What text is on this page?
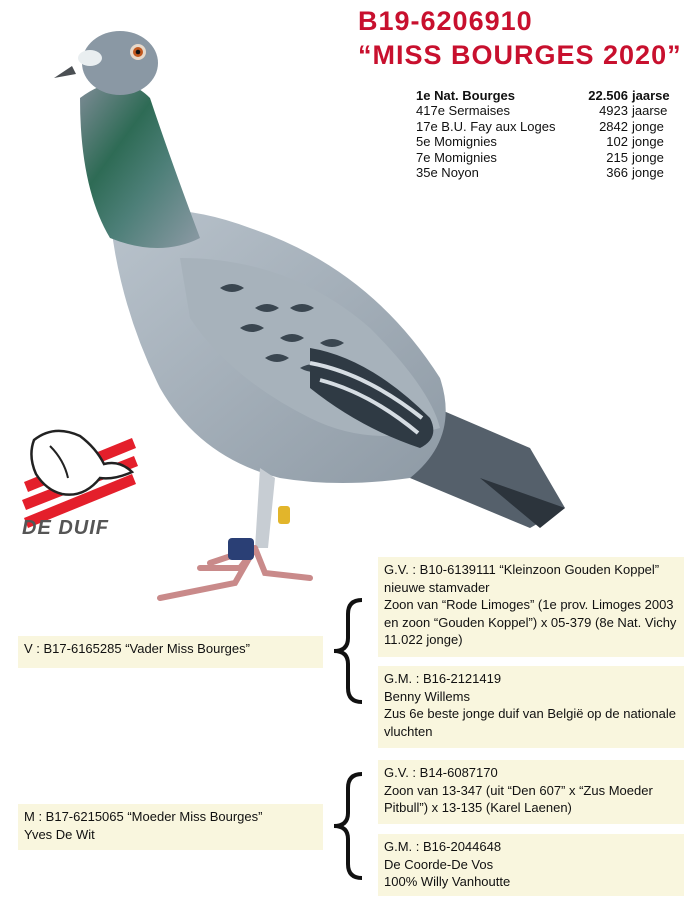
B19-6206910
“MISS BOURGES 2020”
1e Nat. Bourges	22.506 jaarse
417e Sermaises	4923 jaarse
17e B.U. Fay aux Loges	2842 jonge
5e Momignies	102 jonge
7e Momignies	215 jonge
35e Noyon	366 jonge
DE DUIF
V : B17-6165285 “Vader Miss Bourges”
M : B17-6215065 “Moeder Miss Bourges”
Yves De Wit
G.V. : B10-6139111 “Kleinzoon Gouden Koppel”
nieuwe stamvader
Zoon van “Rode Limoges” (1e prov. Limoges 2003
en zoon “Gouden Koppel”) x 05-379 (8e Nat. Vichy
11.022 jonge)
G.M. : B16-2121419
Benny Willems
Zus 6e beste jonge duif van België op de nationale
vluchten
G.V. : B14-6087170
Zoon van 13-347 (uit “Den 607” x “Zus Moeder
Pitbull”) x 13-135 (Karel Laenen)
G.M. : B16-2044648
De Coorde-De Vos
100% Willy Vanhoutte
